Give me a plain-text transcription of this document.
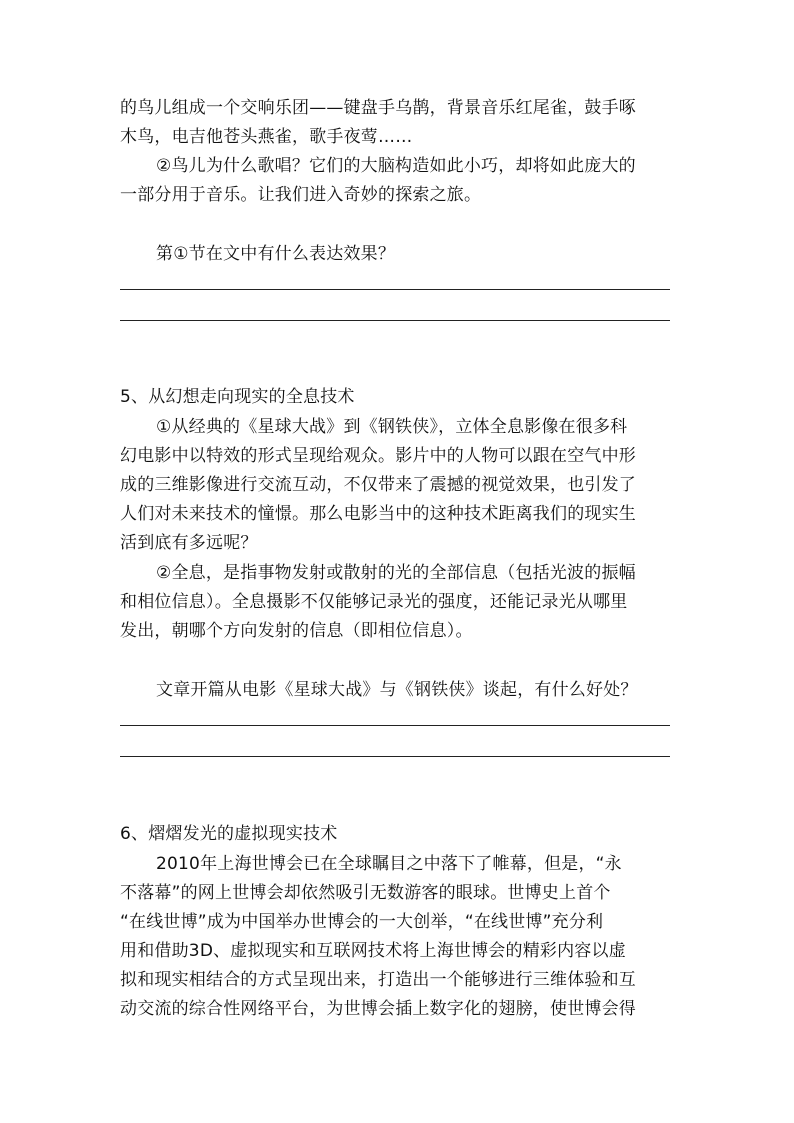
的鸟儿组成一个交响乐团——键盘手乌鹊，背景音乐红尾雀，鼓手啄
木鸟，电吉他苍头燕雀，歌手夜莺……
②鸟儿为什么歌唱？它们的大脑构造如此小巧，却将如此庞大的
一部分用于音乐。让我们进入奇妙的探索之旅。
第①节在文中有什么表达效果？
5、从幻想走向现实的全息技术
①从经典的《星球大战》到《钢铁侠》，立体全息影像在很多科
幻电影中以特效的形式呈现给观众。影片中的人物可以跟在空气中形
成的三维影像进行交流互动，不仅带来了震撼的视觉效果，也引发了
人们对未来技术的憧憬。那么电影当中的这种技术距离我们的现实生
活到底有多远呢？
②全息，是指事物发射或散射的光的全部信息（包括光波的振幅
和相位信息）。全息摄影不仅能够记录光的强度，还能记录光从哪里
发出，朝哪个方向发射的信息（即相位信息）。
文章开篇从电影《星球大战》与《钢铁侠》谈起，有什么好处？
6、熠熠发光的虚拟现实技术
2010年上海世博会已在全球瞩目之中落下了帷幕，但是，“永
不落幕”的网上世博会却依然吸引无数游客的眼球。世博史上首个
“在线世博”成为中国举办世博会的一大创举，“在线世博”充分利
用和借助3D、虚拟现实和互联网技术将上海世博会的精彩内容以虚
拟和现实相结合的方式呈现出来，打造出一个能够进行三维体验和互
动交流的综合性网络平台，为世博会插上数字化的翅膀，使世博会得
